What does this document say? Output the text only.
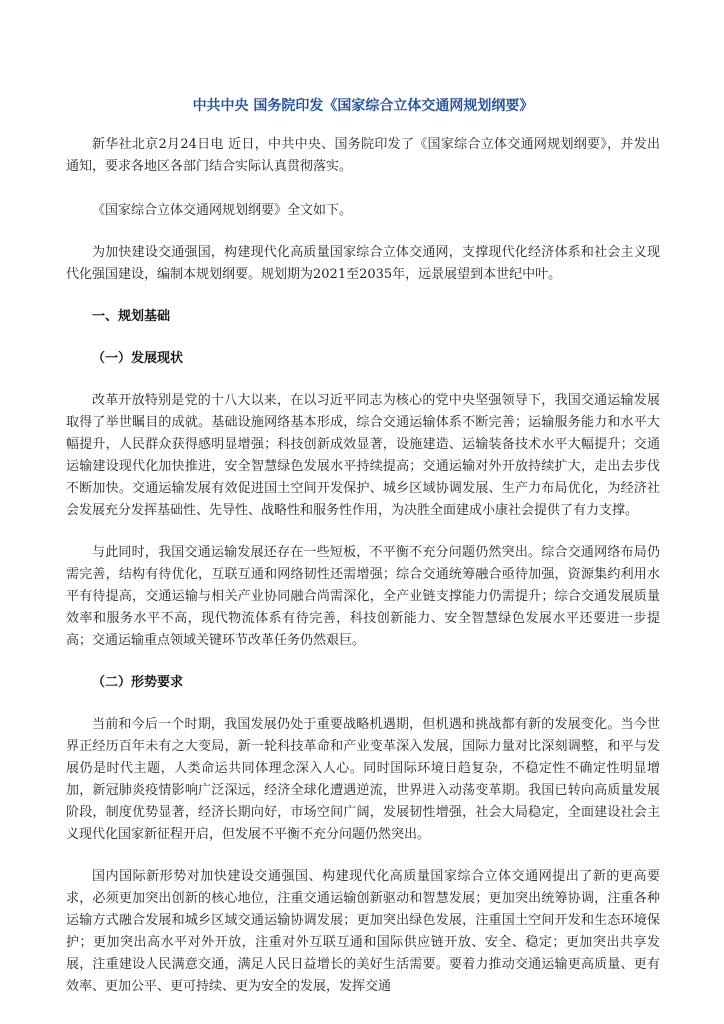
中共中央 国务院印发《国家综合立体交通网规划纲要》

新华社北京2月24日电 近日，中共中央、国务院印发了《国家综合立体交通网规划纲要》，并发出通知，要求各地区各部门结合实际认真贯彻落实。

《国家综合立体交通网规划纲要》全文如下。

为加快建设交通强国，构建现代化高质量国家综合立体交通网，支撑现代化经济体系和社会主义现代化强国建设，编制本规划纲要。规划期为2021至2035年，远景展望到本世纪中叶。

一、规划基础
（一）发展现状

改革开放特别是党的十八大以来，在以习近平同志为核心的党中央坚强领导下，我国交通运输发展取得了举世瞩目的成就。基础设施网络基本形成，综合交通运输体系不断完善；运输服务能力和水平大幅提升，人民群众获得感明显增强；科技创新成效显著，设施建造、运输装备技术水平大幅提升；交通运输建设现代化加快推进，安全智慧绿色发展水平持续提高；交通运输对外开放持续扩大，走出去步伐不断加快。交通运输发展有效促进国土空间开发保护、城乡区域协调发展、生产力布局优化，为经济社会发展充分发挥基础性、先导性、战略性和服务性作用，为决胜全面建成小康社会提供了有力支撑。

与此同时，我国交通运输发展还存在一些短板，不平衡不充分问题仍然突出。综合交通网络布局仍需完善，结构有待优化，互联互通和网络韧性还需增强；综合交通统筹融合亟待加强，资源集约利用水平有待提高，交通运输与相关产业协同融合尚需深化，全产业链支撑能力仍需提升；综合交通发展质量效率和服务水平不高，现代物流体系有待完善，科技创新能力、安全智慧绿色发展水平还要进一步提高；交通运输重点领域关键环节改革任务仍然艰巨。

（二）形势要求

当前和今后一个时期，我国发展仍处于重要战略机遇期，但机遇和挑战都有新的发展变化。当今世界正经历百年未有之大变局，新一轮科技革命和产业变革深入发展，国际力量对比深刻调整，和平与发展仍是时代主题，人类命运共同体理念深入人心。同时国际环境日趋复杂，不稳定性不确定性明显增加，新冠肺炎疫情影响广泛深远，经济全球化遭遇逆流，世界进入动荡变革期。我国已转向高质量发展阶段，制度优势显著，经济长期向好，市场空间广阔，发展韧性增强，社会大局稳定，全面建设社会主义现代化国家新征程开启，但发展不平衡不充分问题仍然突出。

国内国际新形势对加快建设交通强国、构建现代化高质量国家综合立体交通网提出了新的更高要求，必须更加突出创新的核心地位，注重交通运输创新驱动和智慧发展；更加突出统筹协调，注重各种运输方式融合发展和城乡区域交通运输协调发展；更加突出绿色发展，注重国土空间开发和生态环境保护；更加突出高水平对外开放，注重对外互联互通和国际供应链开放、安全、稳定；更加突出共享发展，注重建设人民满意交通，满足人民日益增长的美好生活需要。要着力推动交通运输更高质量、更有效率、更加公平、更可持续、更为安全的发展，发挥交通
